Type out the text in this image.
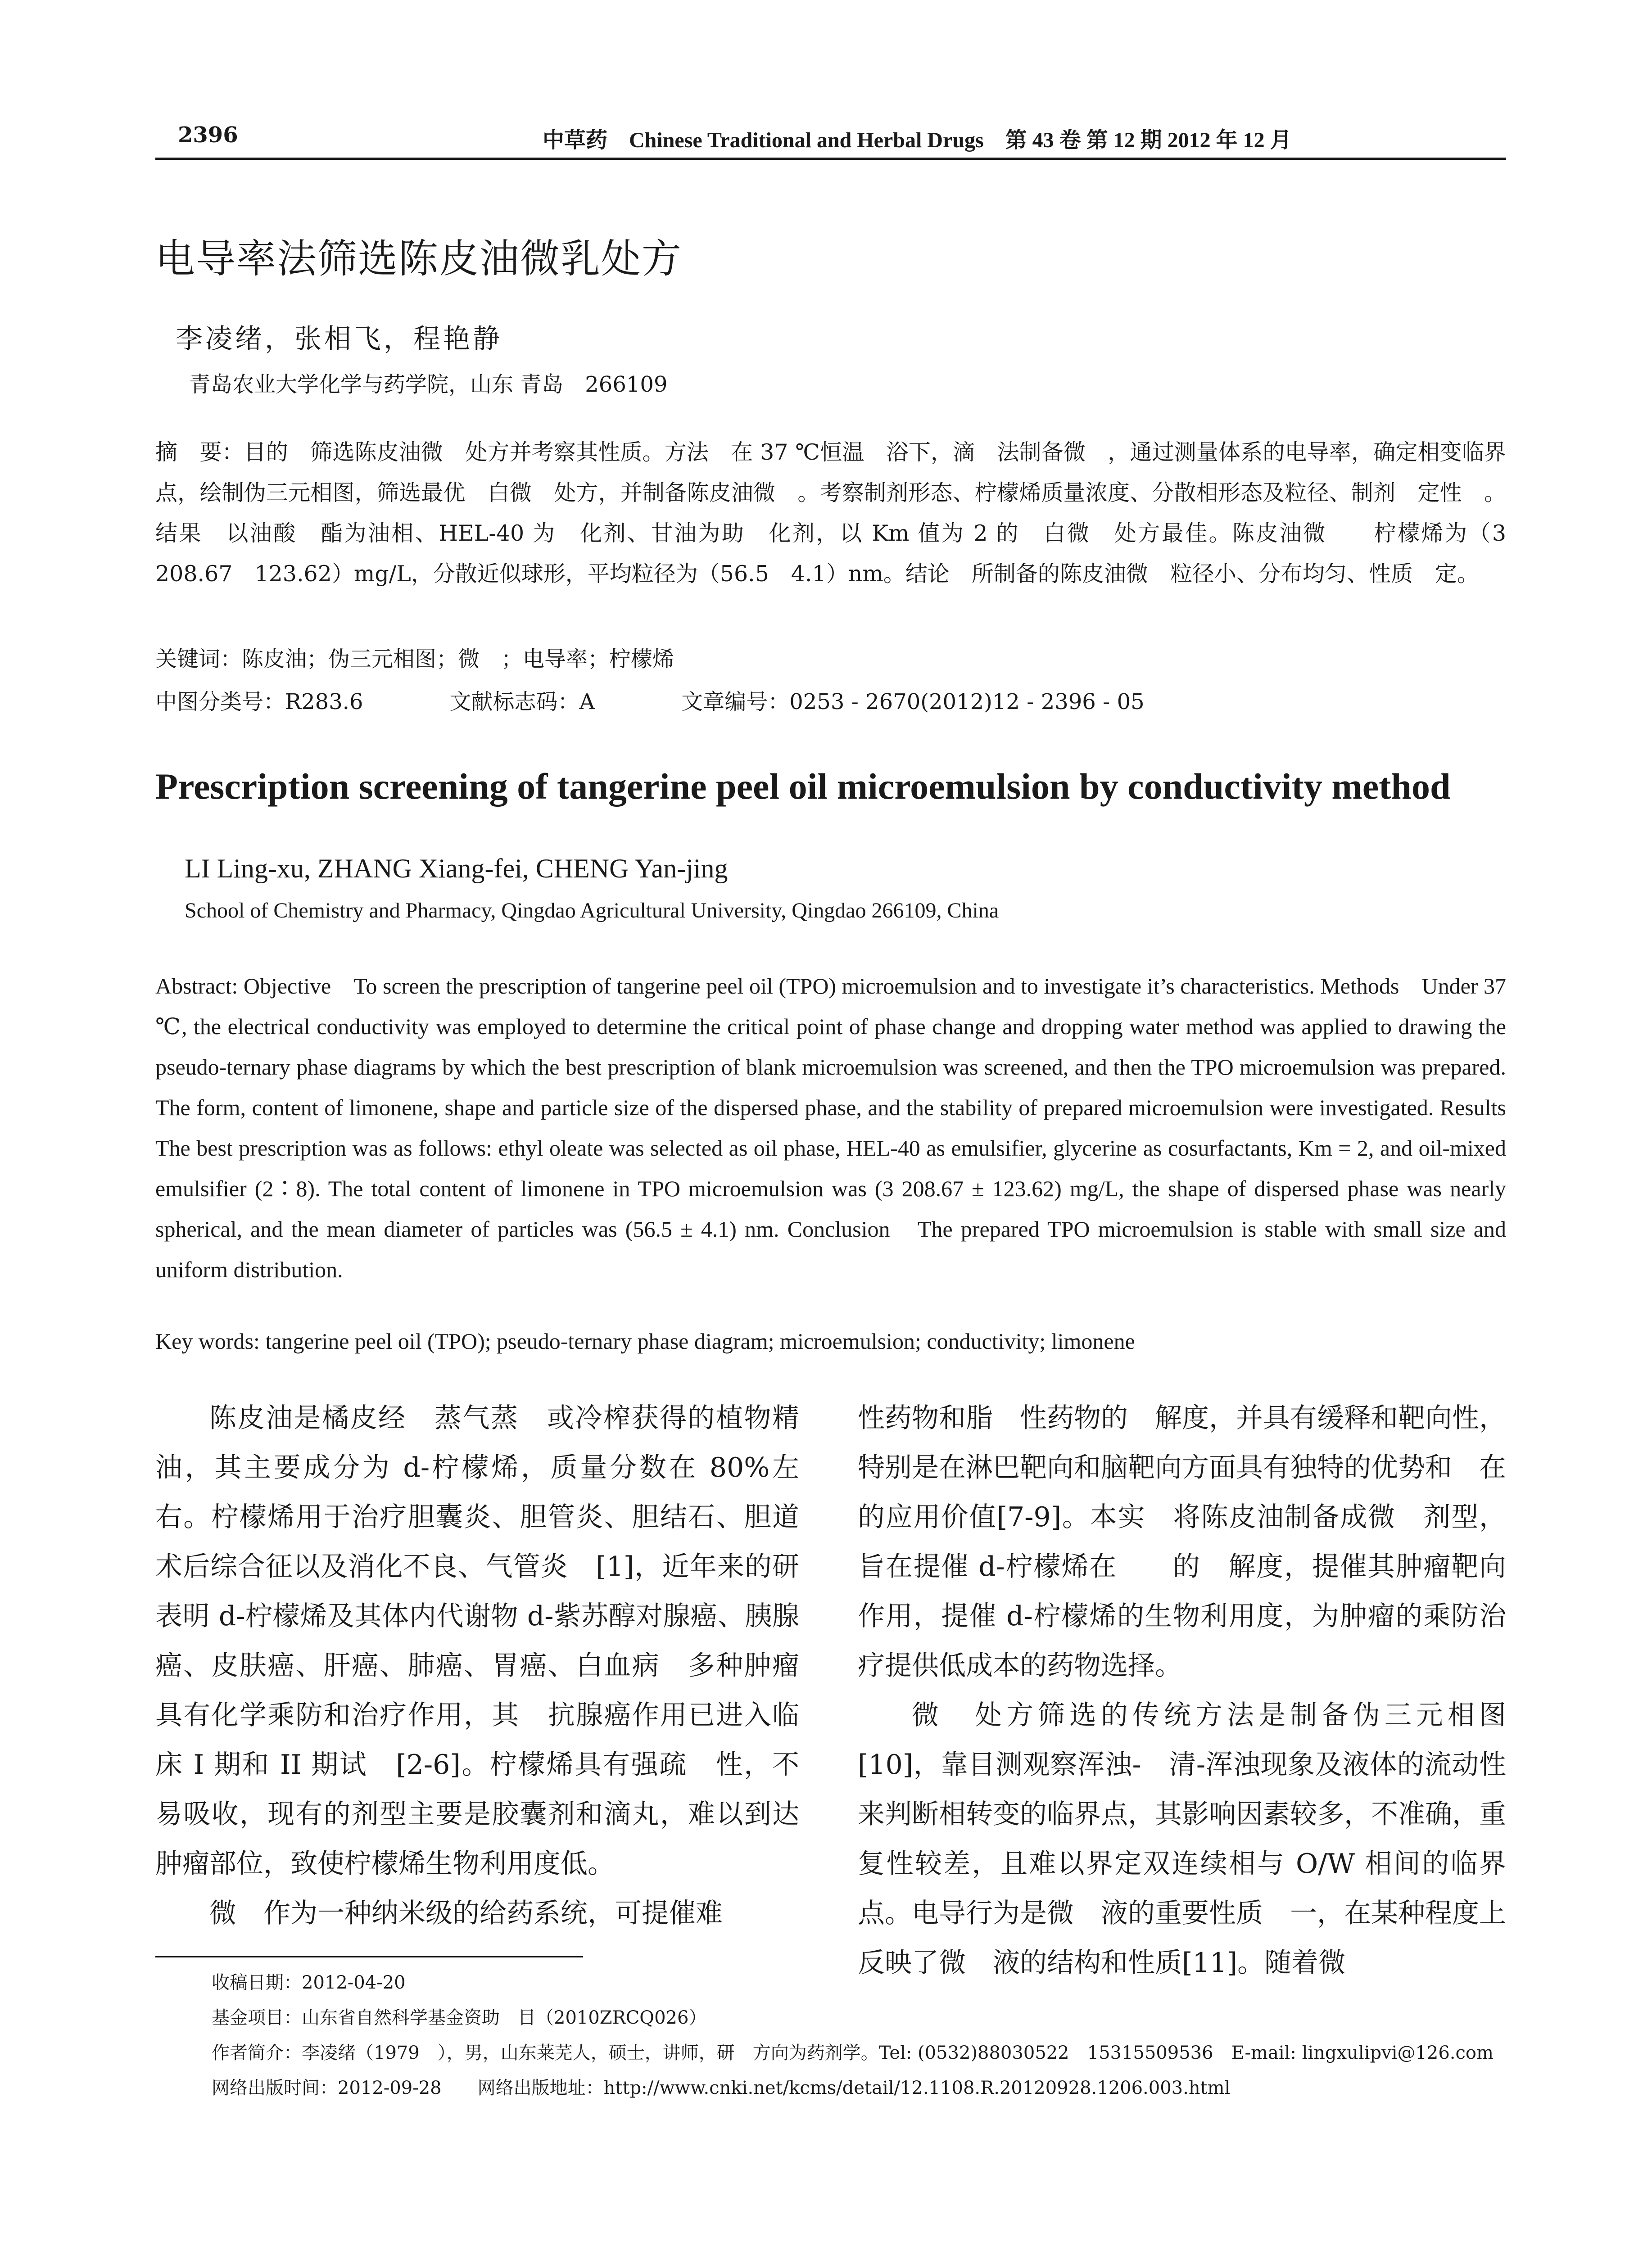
2396	中草药　Chinese Traditional and Herbal Drugs　第 43 卷 第 12 期 2012 年 12 月
电导率法筛选陈皮油微乳处方
李凌绪，张相飞，程艳静
青岛农业大学化学与药学院，山东 青岛　266109
摘　要：目的　筛选陈皮油微　处方并考察其性质。方法　在 37 ℃恒温　浴下，滴　法制备微　，通过测量体系的电导率，确定相变临界点，绘制伪三元相图，筛选最优　白微　处方，并制备陈皮油微　。考察制剂形态、柠檬烯质量浓度、分散相形态及粒径、制剂　定性　。结果　以油酸　酯为油相、HEL-40 为　化剂、甘油为助　化剂，以 Km 值为 2 的　白微　处方最佳。陈皮油微　　柠檬烯为（3 208.67　123.62）mg/L，分散近似球形，平均粒径为（56.5　4.1）nm。结论　所制备的陈皮油微　粒径小、分布均匀、性质　定。
关键词：陈皮油；伪三元相图；微　；电导率；柠檬烯
中图分类号：R283.6　　　　文献标志码：A　　　　文章编号：0253 - 2670(2012)12 - 2396 - 05
Prescription screening of tangerine peel oil microemulsion by conductivity method
LI Ling-xu, ZHANG Xiang-fei, CHENG Yan-jing
School of Chemistry and Pharmacy, Qingdao Agricultural University, Qingdao 266109, China
Abstract: Objective　To screen the prescription of tangerine peel oil (TPO) microemulsion and to investigate it’s characteristics. Methods　Under 37 ℃, the electrical conductivity was employed to determine the critical point of phase change and dropping water method was applied to drawing the pseudo-ternary phase diagrams by which the best prescription of blank microemulsion was screened, and then the TPO microemulsion was prepared. The form, content of limonene, shape and particle size of the dispersed phase, and the stability of prepared microemulsion were investigated. Results　The best prescription was as follows: ethyl oleate was selected as oil phase, HEL-40 as emulsifier, glycerine as cosurfactants, Km = 2, and oil-mixed emulsifier (2∶8). The total content of limonene in TPO microemulsion was (3 208.67 ± 123.62) mg/L, the shape of dispersed phase was nearly spherical, and the mean diameter of particles was (56.5 ± 4.1) nm. Conclusion　The prepared TPO microemulsion is stable with small size and uniform distribution.
Key words: tangerine peel oil (TPO); pseudo-ternary phase diagram; microemulsion; conductivity; limonene

陈皮油是橘皮经　蒸气蒸　或冷榨获得的植物精油，其主要成分为 d-柠檬烯，质量分数在 80%左右。柠檬烯用于治疗胆囊炎、胆管炎、胆结石、胆道术后综合征以及消化不良、气管炎　[1]，近年来的研　表明 d-柠檬烯及其体内代谢物 d-紫苏醇对腺癌、胰腺癌、皮肤癌、肝癌、肺癌、胃癌、白血病　多种肿瘤具有化学乘防和治疗作用，其　抗腺癌作用已进入临床 I 期和 II 期试　[2-6]。柠檬烯具有强疏　性，不易吸收，现有的剂型主要是胶囊剂和滴丸，难以到达肿瘤部位，致使柠檬烯生物利用度低。

微　作为一种纳米级的给药系统，可提催难

性药物和脂　性药物的　解度，并具有缓释和靶向性，特别是在淋巴靶向和脑靶向方面具有独特的优势和　在的应用价值[7-9]。本实　将陈皮油制备成微　剂型，旨在提催 d-柠檬烯在　　的　解度，提催其肿瘤靶向作用，提催 d-柠檬烯的生物利用度，为肿瘤的乘防治疗提供低成本的药物选择。

微　处方筛选的传统方法是制备伪三元相图[10]，靠目测观察浑浊-　清-浑浊现象及液体的流动性来判断相转变的临界点，其影响因素较多，不准确，重复性较差，且难以界定双连续相与 O/W 相间的临界点。电导行为是微　液的重要性质　一，在某种程度上反映了微　液的结构和性质[11]。随着微

收稿日期：2012-04-20
基金项目：山东省自然科学基金资助　目（2010ZRCQ026）
作者简介：李凌绪（1979　），男，山东莱芜人，硕士，讲师，研　方向为药剂学。Tel: (0532)88030522　15315509536　E-mail: lingxulipvi@126.com
网络出版时间：2012-09-28　　网络出版地址：http://www.cnki.net/kcms/detail/12.1108.R.20120928.1206.003.html
